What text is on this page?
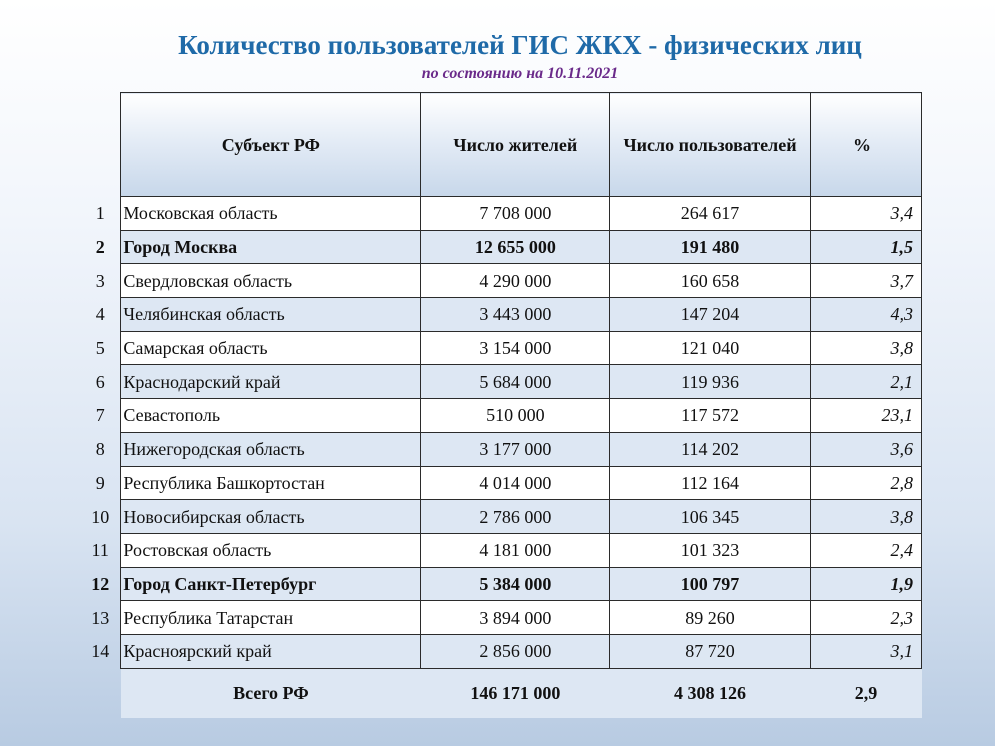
Количество пользователей ГИС ЖКХ - физических лиц
по состоянию на 10.11.2021
	Субъект РФ	Число жителей	Число пользователей	%
1	Московская область	7 708 000	264 617	3,4
2	Город Москва	12 655 000	191 480	1,5
3	Свердловская область	4 290 000	160 658	3,7
4	Челябинская область	3 443 000	147 204	4,3
5	Самарская область	3 154 000	121 040	3,8
6	Краснодарский край	5 684 000	119 936	2,1
7	Севастополь	510 000	117 572	23,1
8	Нижегородская область	3 177 000	114 202	3,6
9	Республика Башкортостан	4 014 000	112 164	2,8
10	Новосибирская область	2 786 000	106 345	3,8
11	Ростовская область	4 181 000	101 323	2,4
12	Город Санкт-Петербург	5 384 000	100 797	1,9
13	Республика Татарстан	3 894 000	89 260	2,3
14	Красноярский край	2 856 000	87 720	3,1
	Всего РФ	146 171 000	4 308 126	2,9
